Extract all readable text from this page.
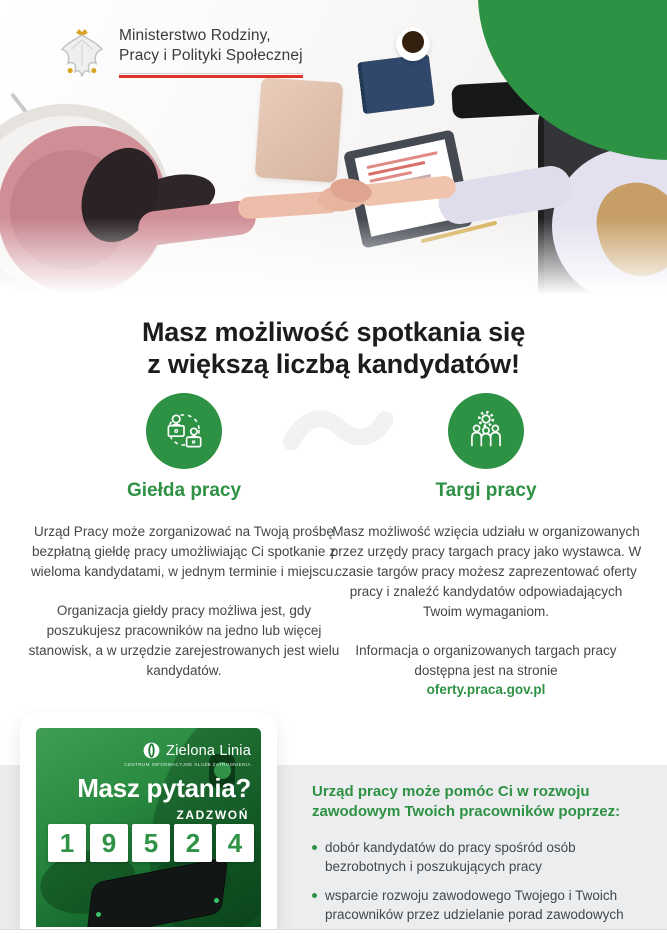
Ministerstwo Rodziny,
Pracy i Polityki Społecznej
Masz możliwość spotkania się
z większą liczbą kandydatów!
Giełda pracy
Urząd Pracy może zorganizować na Twoją prośbę bezpłatną giełdę pracy umożliwiając Ci spotkanie z wieloma kandydatami, w jednym terminie i miejscu.
Organizacja giełdy pracy możliwa jest, gdy poszukujesz pracowników na jedno lub więcej stanowisk, a w urzędzie zarejestrowanych jest wielu kandydatów.
Targi pracy
Masz możliwość wzięcia udziału w organizowanych przez urzędy pracy targach pracy jako wystawca. W czasie targów pracy możesz zaprezentować oferty pracy i znaleźć kandydatów odpowiadających Twoim wymaganiom.
Informacja o organizowanych targach pracy dostępna jest na stronie
oferty.praca.gov.pl
Zielona Linia
CENTRUM INFORMACYJNE SŁUŻB ZATRUDNIENIA
Masz pytania?
ZADZWOŃ
1	9	5	2	4
Urząd pracy może pomóc Ci w rozwoju zawodowym Twoich pracowników poprzez:
dobór kandydatów do pracy spośród osób bezrobotnych i poszukujących pracy
wsparcie rozwoju zawodowego Twojego i Twoich pracowników przez udzielanie porad zawodowych
